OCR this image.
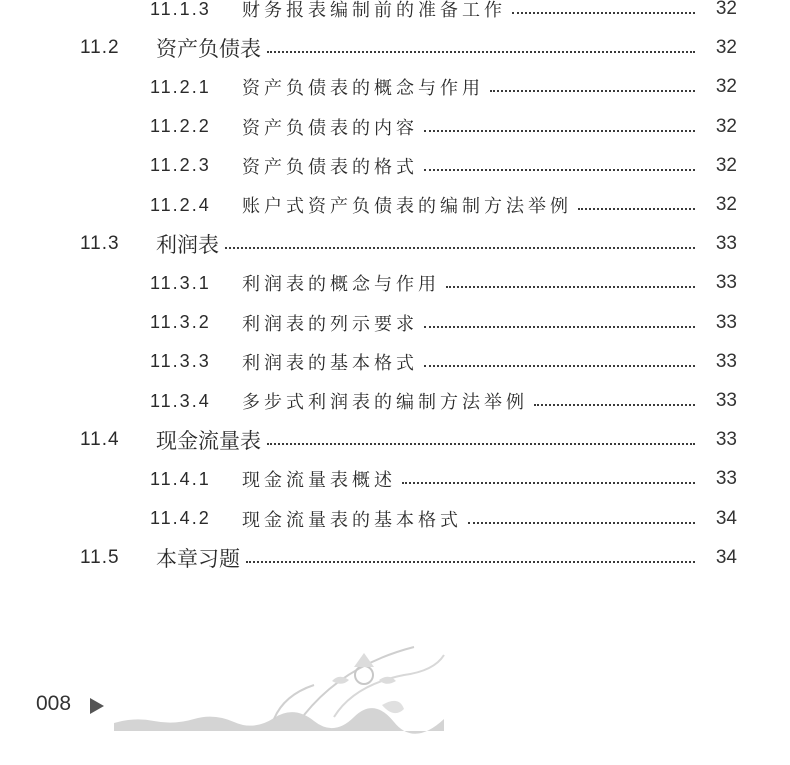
11.1.3	财务报表编制前的准备工作	32
11.2	资产负债表	32
11.2.1	资产负债表的概念与作用	32
11.2.2	资产负债表的内容	32
11.2.3	资产负债表的格式	32
11.2.4	账户式资产负债表的编制方法举例	32
11.3	利润表	33
11.3.1	利润表的概念与作用	33
11.3.2	利润表的列示要求	33
11.3.3	利润表的基本格式	33
11.3.4	多步式利润表的编制方法举例	33
11.4	现金流量表	33
11.4.1	现金流量表概述	33
11.4.2	现金流量表的基本格式	34
11.5	本章习题	34
008
